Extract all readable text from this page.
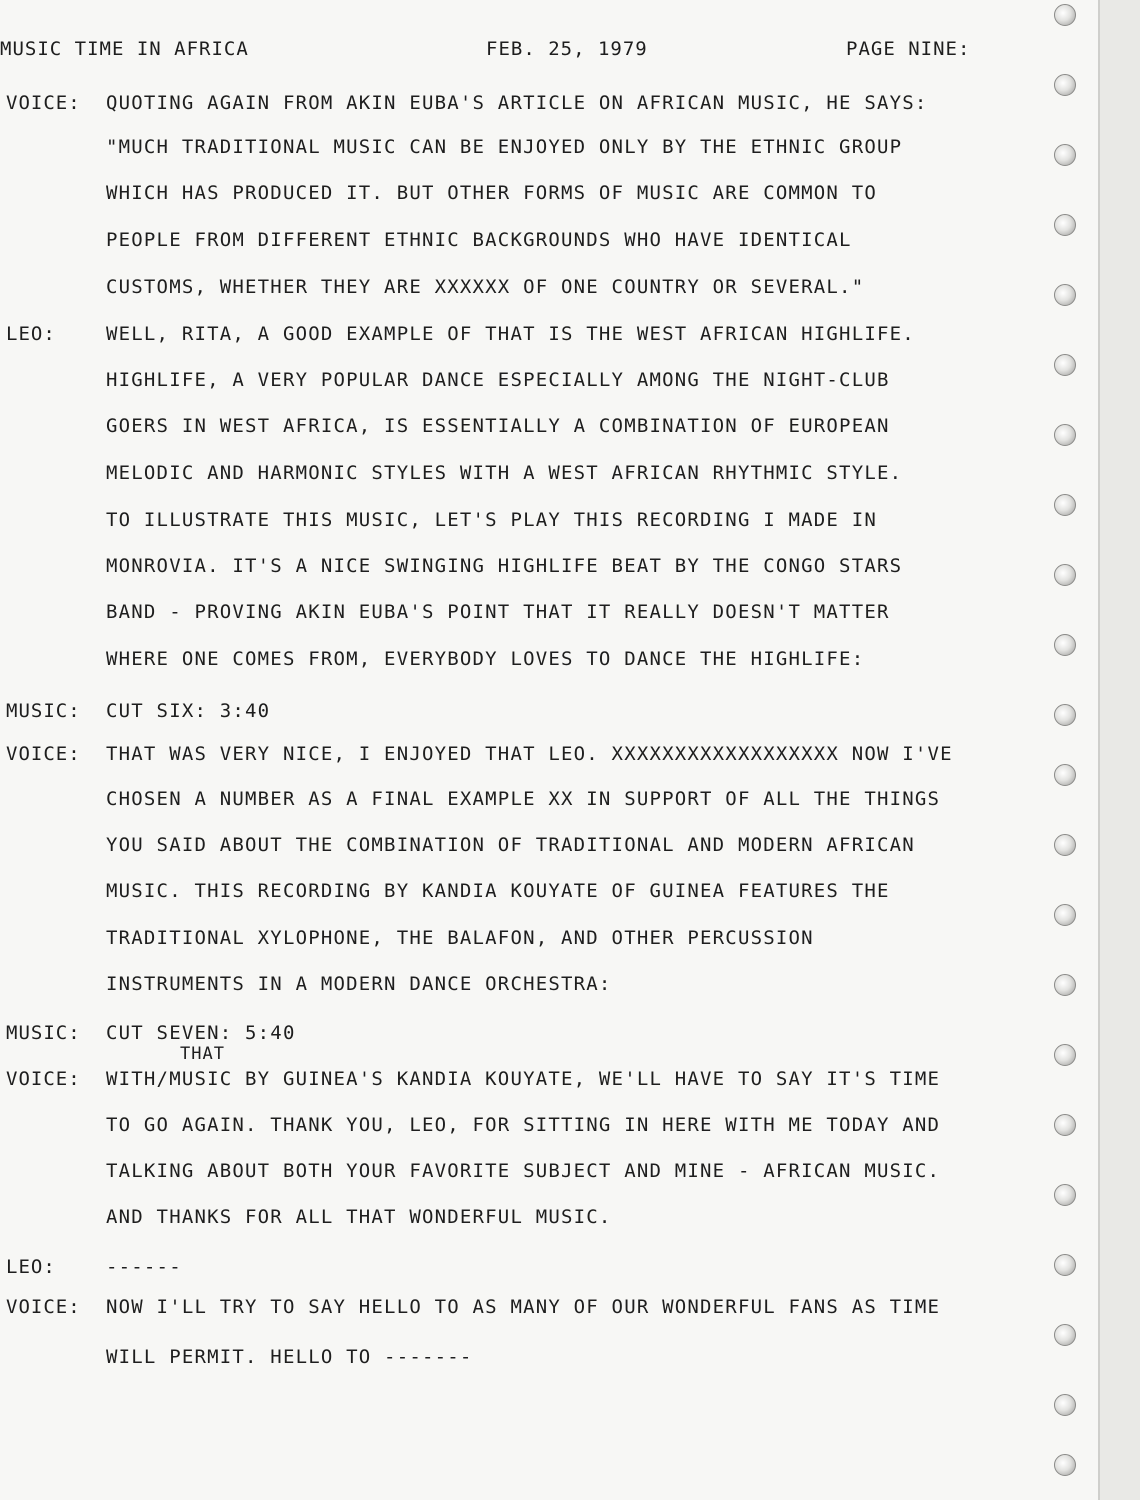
MUSIC TIME IN AFRICA	FEB. 25, 1979	PAGE NINE:
VOICE: QUOTING AGAIN FROM AKIN EUBA'S ARTICLE ON AFRICAN MUSIC, HE SAYS:
"MUCH TRADITIONAL MUSIC CAN BE ENJOYED ONLY BY THE ETHNIC GROUP
WHICH HAS PRODUCED IT. BUT OTHER FORMS OF MUSIC ARE COMMON TO
PEOPLE FROM DIFFERENT ETHNIC BACKGROUNDS WHO HAVE IDENTICAL
CUSTOMS, WHETHER THEY ARE XXXXXX OF ONE COUNTRY OR SEVERAL."
LEO:	WELL, RITA, A GOOD EXAMPLE OF THAT IS THE WEST AFRICAN HIGHLIFE.
HIGHLIFE, A VERY POPULAR DANCE ESPECIALLY AMONG THE NIGHT-CLUB
GOERS IN WEST AFRICA, IS ESSENTIALLY A COMBINATION OF EUROPEAN
MELODIC AND HARMONIC STYLES WITH A WEST AFRICAN RHYTHMIC STYLE.
TO ILLUSTRATE THIS MUSIC, LET'S PLAY THIS RECORDING I MADE IN
MONROVIA. IT'S A NICE SWINGING HIGHLIFE BEAT BY THE CONGO STARS
BAND - PROVING AKIN EUBA'S POINT THAT IT REALLY DOESN'T MATTER
WHERE ONE COMES FROM, EVERYBODY LOVES TO DANCE THE HIGHLIFE:
MUSIC: CUT SIX: 3:40
VOICE: THAT WAS VERY NICE, I ENJOYED THAT LEO. XXXXXXXXXXXXXXXXXX NOW I'VE
CHOSEN A NUMBER AS A FINAL EXAMPLE XX IN SUPPORT OF ALL THE THINGS
YOU SAID ABOUT THE COMBINATION OF TRADITIONAL AND MODERN AFRICAN
MUSIC. THIS RECORDING BY KANDIA KOUYATE OF GUINEA FEATURES THE
TRADITIONAL XYLOPHONE, THE BALAFON, AND OTHER PERCUSSION
INSTRUMENTS IN A MODERN DANCE ORCHESTRA:
MUSIC: CUT SEVEN: 5:40
THAT
VOICE: WITH/MUSIC BY GUINEA'S KANDIA KOUYATE, WE'LL HAVE TO SAY IT'S TIME
TO GO AGAIN. THANK YOU, LEO, FOR SITTING IN HERE WITH ME TODAY AND
TALKING ABOUT BOTH YOUR FAVORITE SUBJECT AND MINE - AFRICAN MUSIC.
AND THANKS FOR ALL THAT WONDERFUL MUSIC.
LEO:	------
VOICE: NOW I'LL TRY TO SAY HELLO TO AS MANY OF OUR WONDERFUL FANS AS TIME
WILL PERMIT. HELLO TO -------
